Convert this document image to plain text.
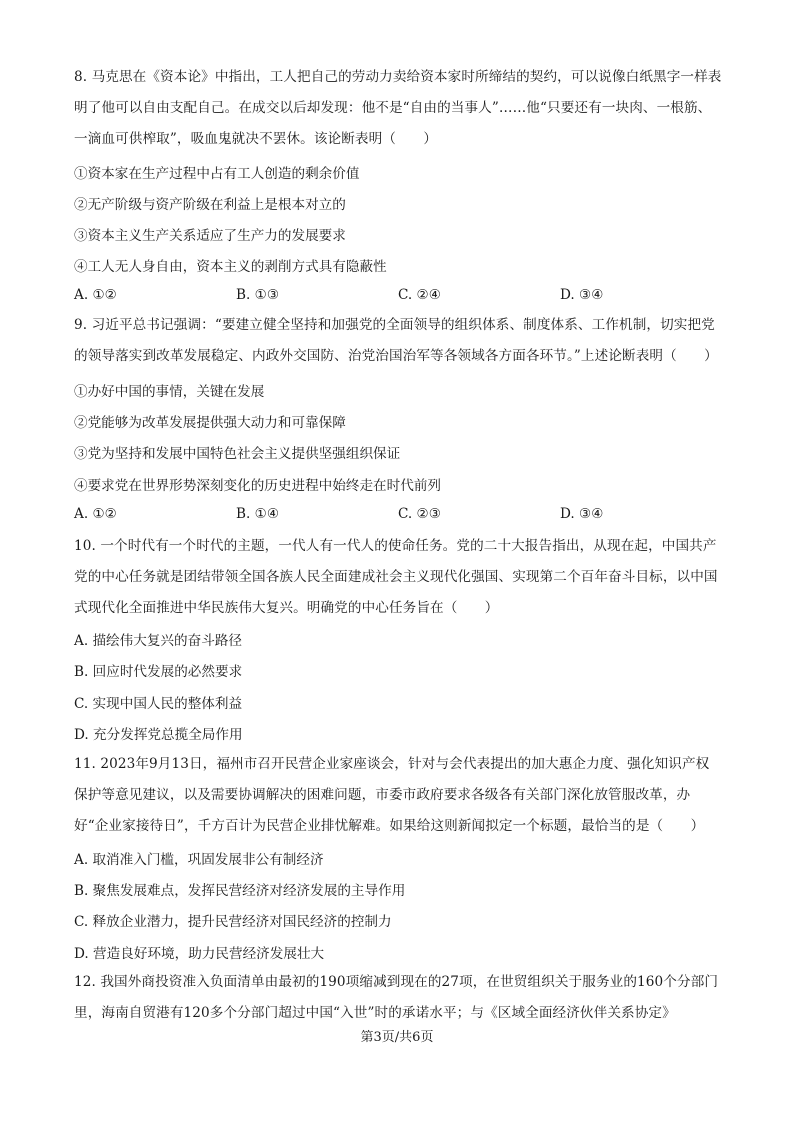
8. 马克思在《资本论》中指出，工人把自己的劳动力卖给资本家时所缔结的契约，可以说像白纸黑字一样表明了他可以自由支配自己。在成交以后却发现：他不是“自由的当事人”……他“只要还有一块肉、一根筋、一滴血可供榨取”，吸血鬼就决不罢休。该论断表明（　　）
①资本家在生产过程中占有工人创造的剩余价值
②无产阶级与资产阶级在利益上是根本对立的
③资本主义生产关系适应了生产力的发展要求
④工人无人身自由，资本主义的剥削方式具有隐蔽性
A. ①②	B. ①③	C. ②④	D. ③④
9. 习近平总书记强调：“要建立健全坚持和加强党的全面领导的组织体系、制度体系、工作机制，切实把党的领导落实到改革发展稳定、内政外交国防、治党治国治军等各领域各方面各环节。”上述论断表明（　　）
①办好中国的事情，关键在发展
②党能够为改革发展提供强大动力和可靠保障
③党为坚持和发展中国特色社会主义提供坚强组织保证
④要求党在世界形势深刻变化的历史进程中始终走在时代前列
A. ①②	B. ①④	C. ②③	D. ③④
10. 一个时代有一个时代的主题，一代人有一代人的使命任务。党的二十大报告指出，从现在起，中国共产党的中心任务就是团结带领全国各族人民全面建成社会主义现代化强国、实现第二个百年奋斗目标，以中国式现代化全面推进中华民族伟大复兴。明确党的中心任务旨在（　　）
A. 描绘伟大复兴的奋斗路径
B. 回应时代发展的必然要求
C. 实现中国人民的整体利益
D. 充分发挥党总揽全局作用
11. 2023年9月13日，福州市召开民营企业家座谈会，针对与会代表提出的加大惠企力度、强化知识产权保护等意见建议，以及需要协调解决的困难问题，市委市政府要求各级各有关部门深化放管服改革，办好“企业家接待日”，千方百计为民营企业排忧解难。如果给这则新闻拟定一个标题，最恰当的是（　　）
A. 取消准入门槛，巩固发展非公有制经济
B. 聚焦发展难点，发挥民营经济对经济发展的主导作用
C. 释放企业潜力，提升民营经济对国民经济的控制力
D. 营造良好环境，助力民营经济发展壮大
12. 我国外商投资准入负面清单由最初的190项缩减到现在的27项，在世贸组织关于服务业的160个分部门里，海南自贸港有120多个分部门超过中国“入世”时的承诺水平；与《区域全面经济伙伴关系协定》
第3页/共6页
